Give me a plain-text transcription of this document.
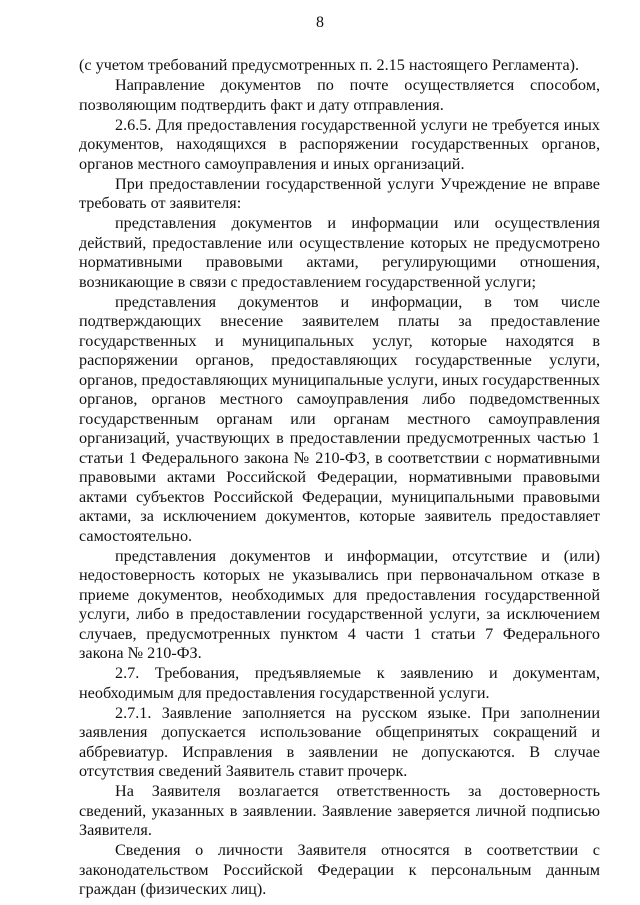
8

(с учетом требований предусмотренных п. 2.15 настоящего Регламента).

Направление документов по почте осуществляется способом, позволяющим подтвердить факт и дату отправления.

2.6.5. Для предоставления государственной услуги не требуется иных документов, находящихся в распоряжении государственных органов, органов местного самоуправления и иных организаций.

При предоставлении государственной услуги Учреждение не вправе требовать от заявителя:

представления документов и информации или осуществления действий, предоставление или осуществление которых не предусмотрено нормативными правовыми актами, регулирующими отношения, возникающие в связи с предоставлением государственной услуги;

представления документов и информации, в том числе подтверждающих внесение заявителем платы за предоставление государственных и муниципальных услуг, которые находятся в распоряжении органов, предоставляющих государственные услуги, органов, предоставляющих муниципальные услуги, иных государственных органов, органов местного самоуправления либо подведомственных государственным органам или органам местного самоуправления организаций, участвующих в предоставлении предусмотренных частью 1 статьи 1 Федерального закона № 210-ФЗ, в соответствии с нормативными правовыми актами Российской Федерации, нормативными правовыми актами субъектов Российской Федерации, муниципальными правовыми актами, за исключением документов, которые заявитель предоставляет самостоятельно.

представления документов и информации, отсутствие и (или) недостоверность которых не указывались при первоначальном отказе в приеме документов, необходимых для предоставления государственной услуги, либо в предоставлении государственной услуги, за исключением случаев, предусмотренных пунктом 4 части 1 статьи 7 Федерального закона № 210-ФЗ.

2.7. Требования, предъявляемые к заявлению и документам, необходимым для предоставления государственной услуги.

2.7.1. Заявление заполняется на русском языке. При заполнении заявления допускается использование общепринятых сокращений и аббревиатур. Исправления в заявлении не допускаются. В случае отсутствия сведений Заявитель ставит прочерк.

На Заявителя возлагается ответственность за достоверность сведений, указанных в заявлении. Заявление заверяется личной подписью Заявителя.

Сведения о личности Заявителя относятся в соответствии с законодательством Российской Федерации к персональным данным граждан (физических лиц).
